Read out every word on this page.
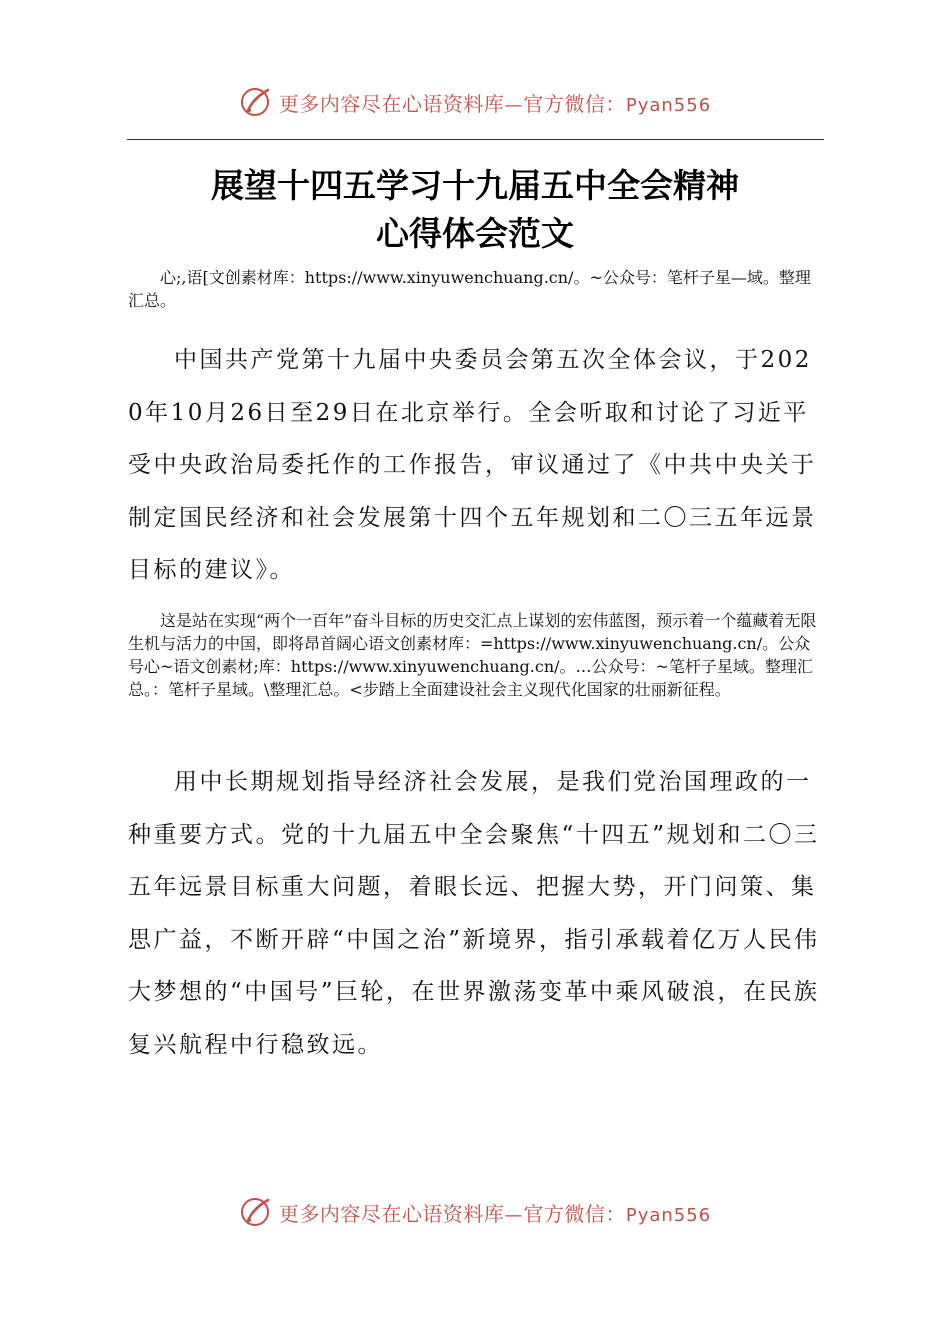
更多内容尽在心语资料库—官方微信：Pyan556
展望十四五学习十九届五中全会精神
心得体会范文

心;,语[文创素材库：https://www.xinyuwenchuang.cn/。~公众号：笔杆子星—域。整理汇总。

中国共产党第十九届中央委员会第五次全体会议，于2020年10月26日至29日在北京举行。全会听取和讨论了习近平受中央政治局委托作的工作报告，审议通过了《中共中央关于制定国民经济和社会发展第十四个五年规划和二〇三五年远景目标的建议》。

这是站在实现“两个一百年”奋斗目标的历史交汇点上谋划的宏伟蓝图，预示着一个蕴藏着无限生机与活力的中国，即将昂首阔心语文创素材库：=https://www.xinyuwenchuang.cn/。公众号心~语文创素材;库：https://www.xinyuwenchuang.cn/。…公众号：~笔杆子星域。整理汇总。：笔杆子星域。\整理汇总。<步踏上全面建设社会主义现代化国家的壮丽新征程。

用中长期规划指导经济社会发展，是我们党治国理政的一种重要方式。党的十九届五中全会聚焦“十四五”规划和二〇三五年远景目标重大问题，着眼长远、把握大势，开门问策、集思广益，不断开辟“中国之治”新境界，指引承载着亿万人民伟大梦想的“中国号”巨轮，在世界激荡变革中乘风破浪，在民族复兴航程中行稳致远。

更多内容尽在心语资料库—官方微信：Pyan556
